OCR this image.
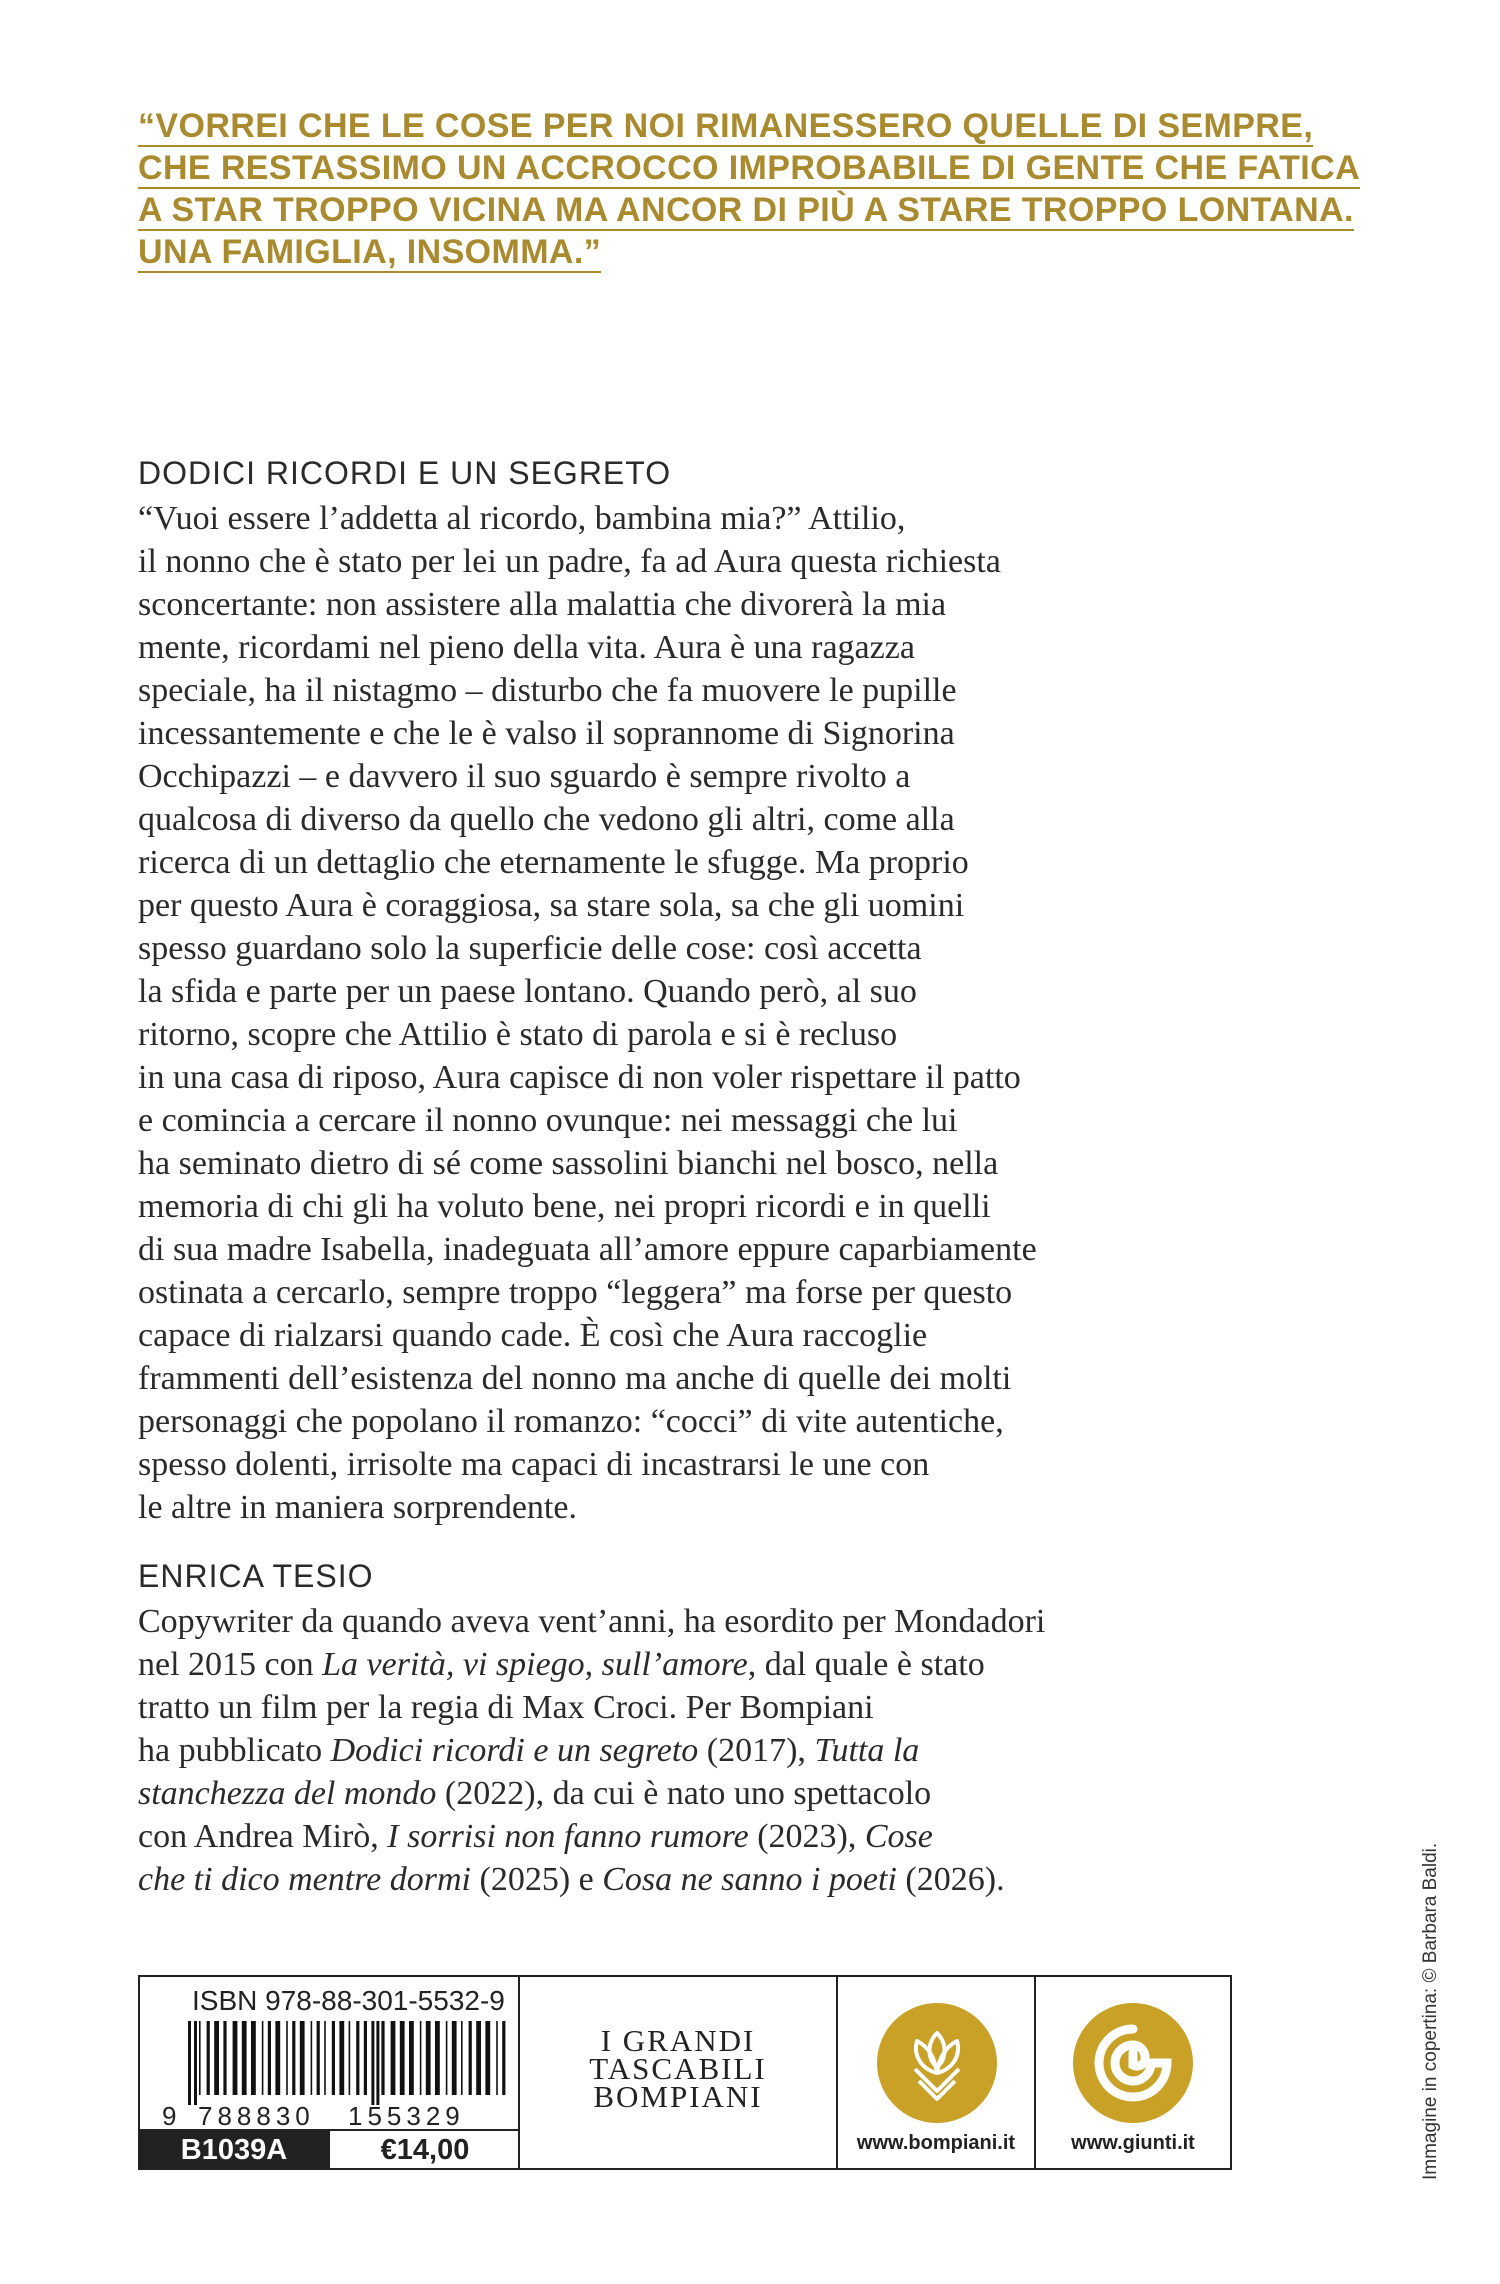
“VORREI CHE LE COSE PER NOI RIMANESSERO QUELLE DI SEMPRE,
CHE RESTASSIMO UN ACCROCCO IMPROBABILE DI GENTE CHE FATICA
A STAR TROPPO VICINA MA ANCOR DI PIÙ A STARE TROPPO LONTANA.
UNA FAMIGLIA, INSOMMA.”
DODICI RICORDI E UN SEGRETO
“Vuoi essere l’addetta al ricordo, bambina mia?” Attilio,
il nonno che è stato per lei un padre, fa ad Aura questa richiesta
sconcertante: non assistere alla malattia che divorerà la mia
mente, ricordami nel pieno della vita. Aura è una ragazza
speciale, ha il nistagmo – disturbo che fa muovere le pupille
incessantemente e che le è valso il soprannome di Signorina
Occhipazzi – e davvero il suo sguardo è sempre rivolto a
qualcosa di diverso da quello che vedono gli altri, come alla
ricerca di un dettaglio che eternamente le sfugge. Ma proprio
per questo Aura è coraggiosa, sa stare sola, sa che gli uomini
spesso guardano solo la superficie delle cose: così accetta
la sfida e parte per un paese lontano. Quando però, al suo
ritorno, scopre che Attilio è stato di parola e si è recluso
in una casa di riposo, Aura capisce di non voler rispettare il patto
e comincia a cercare il nonno ovunque: nei messaggi che lui
ha seminato dietro di sé come sassolini bianchi nel bosco, nella
memoria di chi gli ha voluto bene, nei propri ricordi e in quelli
di sua madre Isabella, inadeguata all’amore eppure caparbiamente
ostinata a cercarlo, sempre troppo “leggera” ma forse per questo
capace di rialzarsi quando cade. È così che Aura raccoglie
frammenti dell’esistenza del nonno ma anche di quelle dei molti
personaggi che popolano il romanzo: “cocci” di vite autentiche,
spesso dolenti, irrisolte ma capaci di incastrarsi le une con
le altre in maniera sorprendente.
ENRICA TESIO
Copywriter da quando aveva vent’anni, ha esordito per Mondadori
nel 2015 con La verità, vi spiego, sull’amore, dal quale è stato
tratto un film per la regia di Max Croci. Per Bompiani
ha pubblicato Dodici ricordi e un segreto (2017), Tutta la
stanchezza del mondo (2022), da cui è nato uno spettacolo
con Andrea Mirò, I sorrisi non fanno rumore (2023), Cose
che ti dico mentre dormi (2025) e Cosa ne sanno i poeti (2026).	Immagine in copertina: © Barbara Baldi.
ISBN 978-88-301-5532-9
9 788830 155329
B1039A	€14,00
I GRANDI
TASCABILI
BOMPIANI
www.bompiani.it	www.giunti.it
